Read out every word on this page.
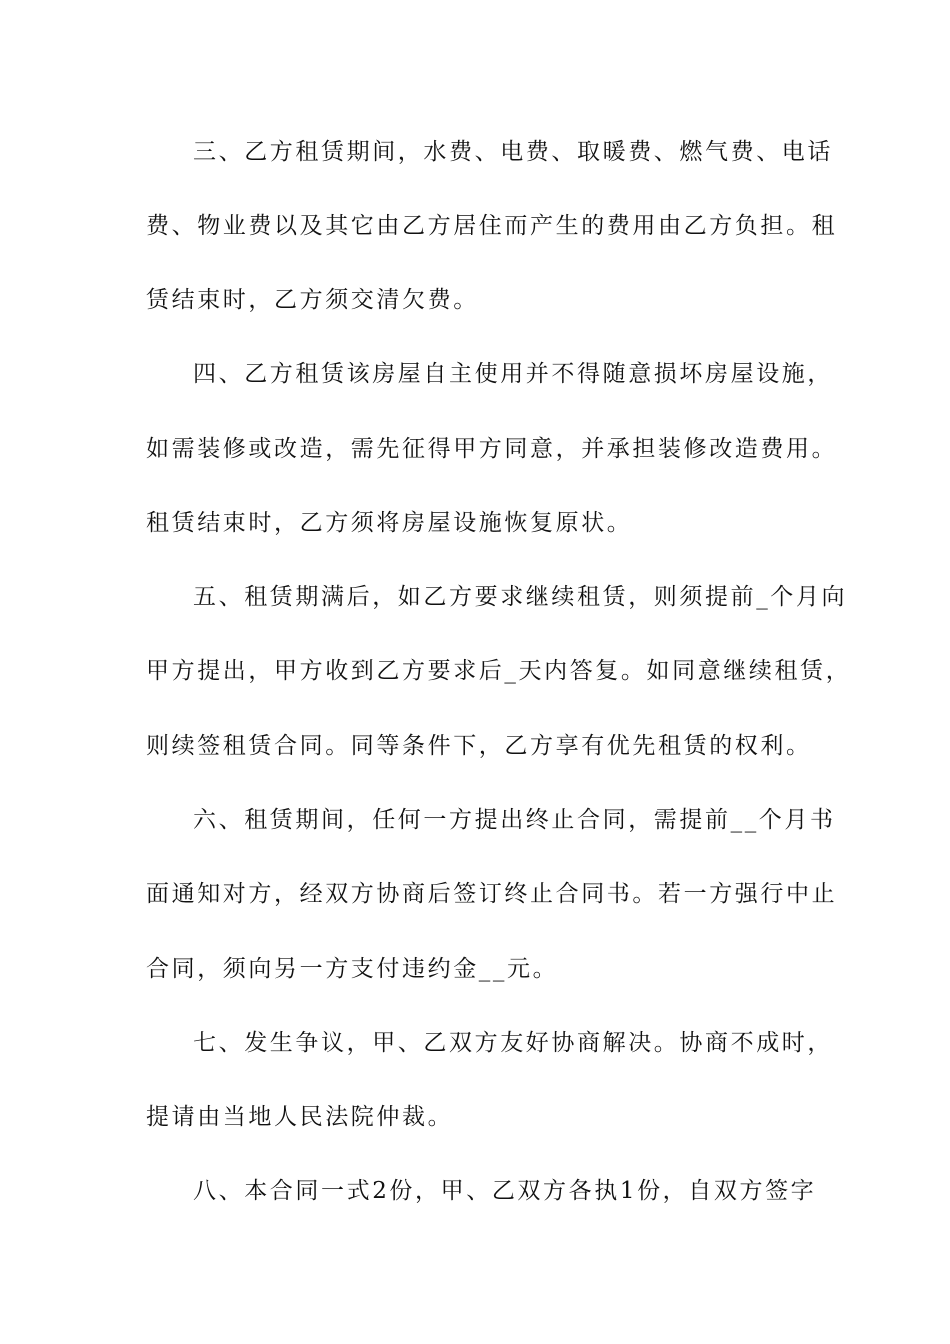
三、乙方租赁期间，水费、电费、取暖费、燃气费、电话
费、物业费以及其它由乙方居住而产生的费用由乙方负担。租
赁结束时，乙方须交清欠费。
四、乙方租赁该房屋自主使用并不得随意损坏房屋设施，
如需装修或改造，需先征得甲方同意，并承担装修改造费用。
租赁结束时，乙方须将房屋设施恢复原状。
五、租赁期满后，如乙方要求继续租赁，则须提前_个月向
甲方提出，甲方收到乙方要求后_天内答复。如同意继续租赁，
则续签租赁合同。同等条件下，乙方享有优先租赁的权利。
六、租赁期间，任何一方提出终止合同，需提前__个月书
面通知对方，经双方协商后签订终止合同书。若一方强行中止
合同，须向另一方支付违约金__元。
七、发生争议，甲、乙双方友好协商解决。协商不成时，
提请由当地人民法院仲裁。
八、本合同一式2份，甲、乙双方各执1份，自双方签字
